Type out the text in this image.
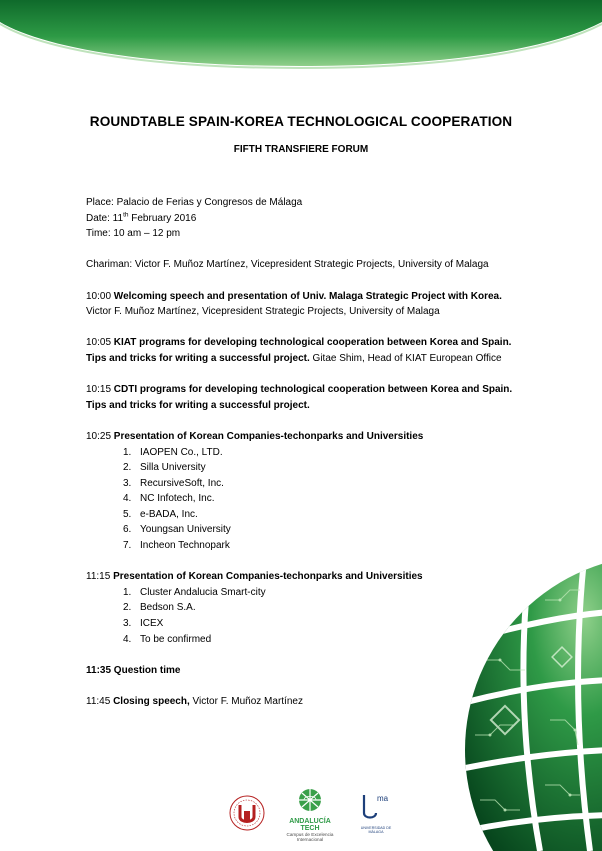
ROUNDTABLE SPAIN-KOREA TECHNOLOGICAL COOPERATION
FIFTH TRANSFIERE FORUM

Place: Palacio de Ferias y Congresos de Málaga

Date: 11th February 2016

Time: 10 am – 12 pm

Chariman: Victor F. Muñoz Martínez, Vicepresident Strategic Projects, University of Malaga

10:00 Welcoming speech and presentation of Univ. Malaga Strategic Project with Korea.

Victor F. Muñoz Martínez, Vicepresident Strategic Projects, University of Malaga

10:05 KIAT programs for developing technological cooperation between Korea and Spain.

Tips and tricks for writing a successful project. Gitae Shim, Head of KIAT European Office

10:15 CDTI programs for developing technological cooperation between Korea and Spain.

Tips and tricks for writing a successful project.

10:25 Presentation of Korean Companies-techonparks and Universities

1. IAOPEN Co., LTD.
2. Silla University
3. RecursiveSoft, Inc.
4. NC Infotech, Inc.
5. e-BADA, Inc.
6. Youngsan University
7. Incheon Technopark

11:15 Presentation of Korean Companies-techonparks and Universities

1. Cluster Andalucia Smart-city
2. Bedson S.A.
3. ICEX
4. To be confirmed

11:35 Question time

11:45 Closing speech, Victor F. Muñoz Martínez

ANDALUCÍA TECH
Campus de Excelencia Internacional
ma
UNIVERSIDAD DE MÁLAGA
